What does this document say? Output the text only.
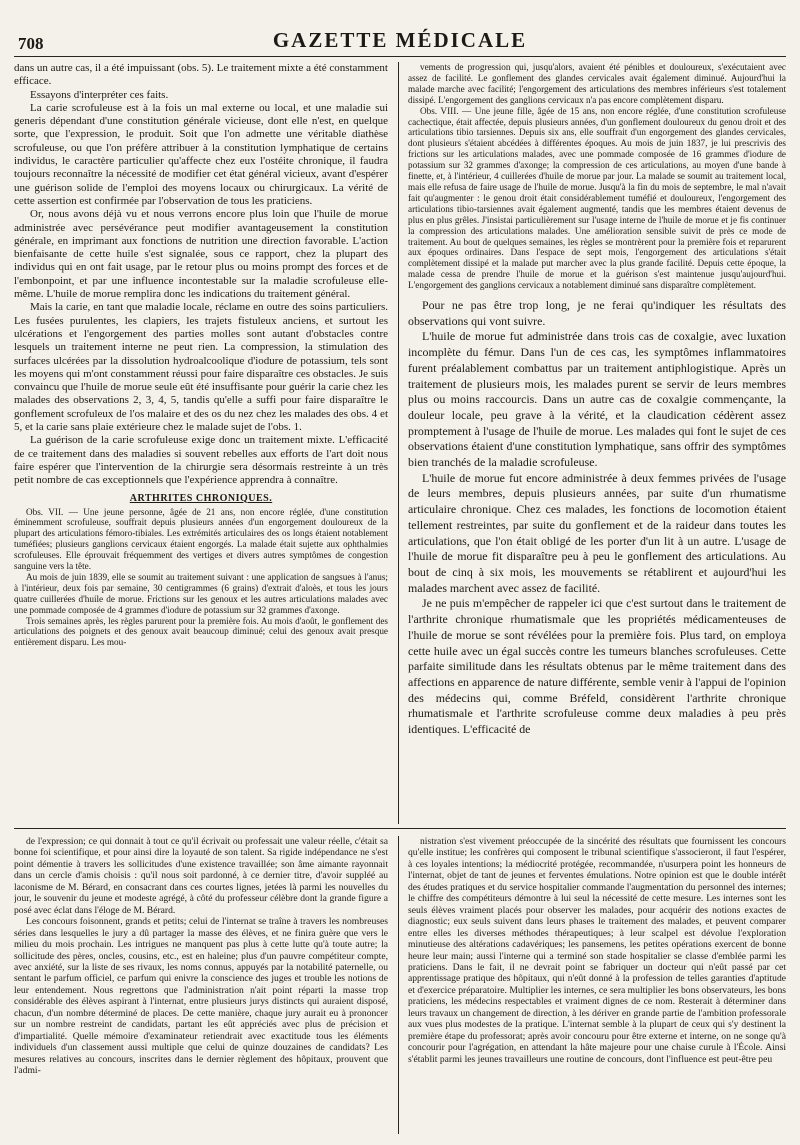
708	GAZETTE MÉDICALE

dans un autre cas, il a été impuissant (obs. 5). Le traitement mixte a été constamment efficace.

Essayons d'interpréter ces faits.

La carie scrofuleuse est à la fois un mal externe ou local, et une maladie sui generis dépendant d'une constitution générale vicieuse, dont elle n'est, en quelque sorte, que l'expression, le produit. Soit que l'on admette une véritable diathèse scrofuleuse, ou que l'on préfère attribuer à la constitution lymphatique de certains individus, le caractère particulier qu'affecte chez eux l'ostéite chronique, il faudra toujours reconnaître la nécessité de modifier cet état général vicieux, avant d'espérer une guérison solide de l'emploi des moyens locaux ou chirurgicaux. La vérité de cette assertion est confirmée par l'observation de tous les praticiens.

Or, nous avons déjà vu et nous verrons encore plus loin que l'huile de morue administrée avec persévérance peut modifier avantageusement la constitution générale, en imprimant aux fonctions de nutrition une direction favorable. L'action bienfaisante de cette huile s'est signalée, sous ce rapport, chez la plupart des individus qui en ont fait usage, par le retour plus ou moins prompt des forces et de l'embonpoint, et par une influence incontestable sur la maladie scrofuleuse elle-même. L'huile de morue remplira donc les indications du traitement général.

Mais la carie, en tant que maladie locale, réclame en outre des soins particuliers. Les fusées purulentes, les clapiers, les trajets fistuleux anciens, et surtout les ulcérations et l'engorgement des parties molles sont autant d'obstacles contre lesquels un traitement interne ne peut rien. La compression, la stimulation des surfaces ulcérées par la dissolution hydroalcoolique d'iodure de potassium, tels sont les moyens qui m'ont constamment réussi pour faire disparaître ces obstacles. Je suis convaincu que l'huile de morue seule eût été insuffisante pour guérir la carie chez les malades des observations 2, 3, 4, 5, tandis qu'elle a suffi pour faire disparaître le gonflement scrofuleux de l'os malaire et des os du nez chez les malades des obs. 4 et 5, et la carie sans plaie extérieure chez le malade sujet de l'obs. 1.

La guérison de la carie scrofuleuse exige donc un traitement mixte. L'efficacité de ce traitement dans des maladies si souvent rebelles aux efforts de l'art doit nous faire espérer que l'intervention de la chirurgie sera désormais restreinte à un très petit nombre de cas exceptionnels que l'expérience apprendra à connaître.

ARTHRITES CHRONIQUES.

Obs. VII. — Une jeune personne, âgée de 21 ans, non encore réglée, d'une constitution éminemment scrofuleuse, souffrait depuis plusieurs années d'un engorgement douloureux de la plupart des articulations fémoro-tibiales. Les extrémités articulaires des os longs étaient notablement tuméfiées; plusieurs ganglions cervicaux étaient engorgés. La malade était sujette aux ophthalmies scrofuleuses. Elle éprouvait fréquemment des vertiges et divers autres symptômes de congestion sanguine vers la tête.

Au mois de juin 1839, elle se soumit au traitement suivant : une application de sangsues à l'anus; à l'intérieur, deux fois par semaine, 30 centigrammes (6 grains) d'extrait d'aloès, et tous les jours quatre cuillerées d'huile de morue. Frictions sur les genoux et les autres articulations malades avec une pommade composée de 4 grammes d'iodure de potassium sur 32 grammes d'axonge.

Trois semaines après, les règles parurent pour la première fois. Au mois d'août, le gonflement des articulations des poignets et des genoux avait beaucoup diminué; celui des genoux avait presque entièrement disparu. Les mou-

vements de progression qui, jusqu'alors, avaient été pénibles et douloureux, s'exécutaient avec assez de facilité. Le gonflement des glandes cervicales avait également diminué. Aujourd'hui la malade marche avec facilité; l'engorgement des articulations des membres inférieurs s'est totalement dissipé. L'engorgement des ganglions cervicaux n'a pas encore complètement disparu.

Obs. VIII. — Une jeune fille, âgée de 15 ans, non encore réglée, d'une constitution scrofuleuse cachectique, était affectée, depuis plusieurs années, d'un gonflement douloureux du genou droit et des articulations tibio tarsiennes. Depuis six ans, elle souffrait d'un engorgement des glandes cervicales, dont plusieurs s'étaient abcédées à différentes époques. Au mois de juin 1837, je lui prescrivis des frictions sur les articulations malades, avec une pommade composée de 16 grammes d'iodure de potassium sur 32 grammes d'axonge; la compression de ces articulations, au moyen d'une bande à finette, et, à l'intérieur, 4 cuillerées d'huile de morue par jour. La malade se soumit au traitement local, mais elle refusa de faire usage de l'huile de morue. Jusqu'à la fin du mois de septembre, le mal n'avait fait qu'augmenter : le genou droit était considérablement tuméfié et douloureux, l'engorgement des articulations tibio-tarsiennes avait également augmenté, tandis que les membres étaient devenus de plus en plus grêles. J'insistai particulièrement sur l'usage interne de l'huile de morue et je fis continuer la compression des articulations malades. Une amélioration sensible suivit de près ce mode de traitement. Au bout de quelques semaines, les règles se montrèrent pour la première fois et reparurent aux époques ordinaires. Dans l'espace de sept mois, l'engorgement des articulations s'était complètement dissipé et la malade put marcher avec la plus grande facilité. Depuis cette époque, la malade cessa de prendre l'huile de morue et la guérison s'est maintenue jusqu'aujourd'hui. L'engorgement des ganglions cervicaux a notablement diminué sans disparaître complètement.

Pour ne pas être trop long, je ne ferai qu'indiquer les résultats des observations qui vont suivre.

L'huile de morue fut administrée dans trois cas de coxalgie, avec luxation incomplète du fémur. Dans l'un de ces cas, les symptômes inflammatoires furent préalablement combattus par un traitement antiphlogistique. Après un traitement de plusieurs mois, les malades purent se servir de leurs membres plus ou moins raccourcis. Dans un autre cas de coxalgie commençante, la douleur locale, peu grave à la vérité, et la claudication cédèrent assez promptement à l'usage de l'huile de morue. Les malades qui font le sujet de ces observations étaient d'une constitution lymphatique, sans offrir des symptômes bien tranchés de la maladie scrofuleuse.

L'huile de morue fut encore administrée à deux femmes privées de l'usage de leurs membres, depuis plusieurs années, par suite d'un rhumatisme articulaire chronique. Chez ces malades, les fonctions de locomotion étaient tellement restreintes, par suite du gonflement et de la raideur dans toutes les articulations, que l'on était obligé de les porter d'un lit à un autre. L'usage de l'huile de morue fit disparaître peu à peu le gonflement des articulations. Au bout de cinq à six mois, les mouvements se rétablirent et aujourd'hui les malades marchent avec assez de facilité.

Je ne puis m'empêcher de rappeler ici que c'est surtout dans le traitement de l'arthrite chronique rhumatismale que les propriétés médicamenteuses de l'huile de morue se sont révélées pour la première fois. Plus tard, on employa cette huile avec un égal succès contre les tumeurs blanches scrofuleuses. Cette parfaite similitude dans les résultats obtenus par le même traitement dans des affections en apparence de nature différente, semble venir à l'appui de l'opinion des médecins qui, comme Bréfeld, considèrent l'arthrite chronique rhumatismale et l'arthrite scrofuleuse comme deux maladies à peu près identiques. L'efficacité de

de l'expression; ce qui donnait à tout ce qu'il écrivait ou professait une valeur réelle, c'était sa bonne foi scientifique, et pour ainsi dire la loyauté de son talent. Sa rigide indépendance ne s'est point démentie à travers les sollicitudes d'une existence travaillée; son âme aimante rayonnait dans un cercle d'amis choisis : qu'il nous soit pardonné, à ce dernier titre, d'avoir suppléé au laconisme de M. Bérard, en consacrant dans ces courtes lignes, jetées là parmi les nouvelles du jour, le souvenir du jeune et modeste agrégé, à côté du professeur célèbre dont la grande figure a posé avec éclat dans l'éloge de M. Bérard.

Les concours foisonnent, grands et petits; celui de l'internat se traîne à travers les nombreuses séries dans lesquelles le jury a dû partager la masse des élèves, et ne finira guère que vers le milieu du mois prochain. Les intrigues ne manquent pas plus à cette lutte qu'à toute autre; la sollicitude des pères, oncles, cousins, etc., est en haleine; plus d'un pauvre compétiteur compte, avec anxiété, sur la liste de ses rivaux, les noms connus, appuyés par la notabilité paternelle, ou sentant le parfum officiel, ce parfum qui enivre la conscience des juges et trouble les notions de leur entendement. Nous regrettons que l'administration n'ait point réparti la masse trop considérable des élèves aspirant à l'internat, entre plusieurs jurys distincts qui auraient disposé, chacun, d'un nombre déterminé de places. De cette manière, chaque jury aurait eu à prononcer sur un nombre restreint de candidats, partant les eût appréciés avec plus de précision et d'impartialité. Quelle mémoire d'examinateur retiendrait avec exactitude tous les éléments individuels d'un classement aussi multiple que celui de quinze douzaines de candidats? Les mesures relatives au concours, inscrites dans le dernier règlement des hôpitaux, prouvent que l'admi-

nistration s'est vivement préoccupée de la sincérité des résultats que fournissent les concours qu'elle institue; les confrères qui composent le tribunal scientifique s'associeront, il faut l'espérer, à ces loyales intentions; la médiocrité protégée, recommandée, n'usurpera point les honneurs de l'internat, objet de tant de jeunes et ferventes émulations. Notre opinion est que le double intérêt des études pratiques et du service hospitalier commande l'augmentation du personnel des internes; le chiffre des compétiteurs démontre à lui seul la nécessité de cette mesure. Les internes sont les seuls élèves vraiment placés pour observer les malades, pour acquérir des notions exactes de diagnostic; eux seuls suivent dans leurs phases le traitement des malades, et peuvent comparer entre elles les diverses méthodes thérapeutiques; à leur scalpel est dévolue l'exploration minutieuse des altérations cadavériques; les pansemens, les petites opérations exercent de bonne heure leur main; aussi l'interne qui a terminé son stade hospitalier se classe d'emblée parmi les praticiens. Dans le fait, il ne devrait point se fabriquer un docteur qui n'eût passé par cet apprentissage pratique des hôpitaux, qui n'eût donné à la profession de telles garanties d'aptitude et d'exercice préparatoire. Multiplier les internes, ce sera multiplier les bons observateurs, les bons praticiens, les médecins respectables et vraiment dignes de ce nom. Resterait à déterminer dans leurs travaux un changement de direction, à les dériver en grande partie de l'ambition professorale aux vues plus modestes de la pratique. L'internat semble à la plupart de ceux qui s'y destinent la première étape du professorat; après avoir concouru pour être externe et interne, on ne songe qu'à concourir pour l'agrégation, en attendant la hâte majeure pour une chaise curule à l'École. Ainsi s'établit parmi les jeunes travailleurs une routine de concours, dont l'influence est peut-être peu
